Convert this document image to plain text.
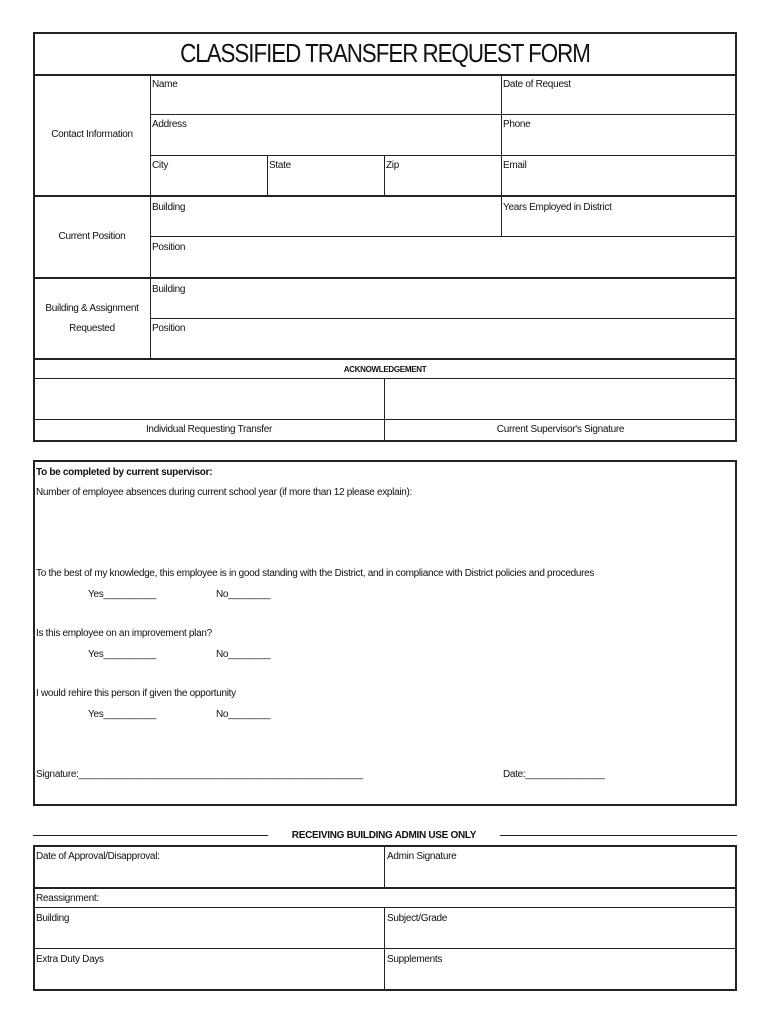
CLASSIFIED TRANSFER REQUEST FORM
Contact Information
Name	Date of Request
Address	Phone
City	State	Zip	Email
Current Position
Building	Years Employed in District
Position
Building & Assignment
Requested
Building
Position
ACKNOWLEDGEMENT
Individual Requesting Transfer	Current Supervisor's Signature
To be completed by current supervisor:
Number of employee absences during current school year (if more than 12 please explain):
To the best of my knowledge, this employee is in good standing with the District, and in compliance with District policies and procedures
Yes__________	No________
Is this employee on an improvement plan?
Yes__________	No________
I would rehire this person if given the opportunity
Yes__________	No________
Signature:______________________________________________________	Date:_______________
RECEIVING BUILDING ADMIN USE ONLY
Date of Approval/Disapproval:	Admin Signature
Reassignment:
Building	Subject/Grade
Extra Duty Days	Supplements
